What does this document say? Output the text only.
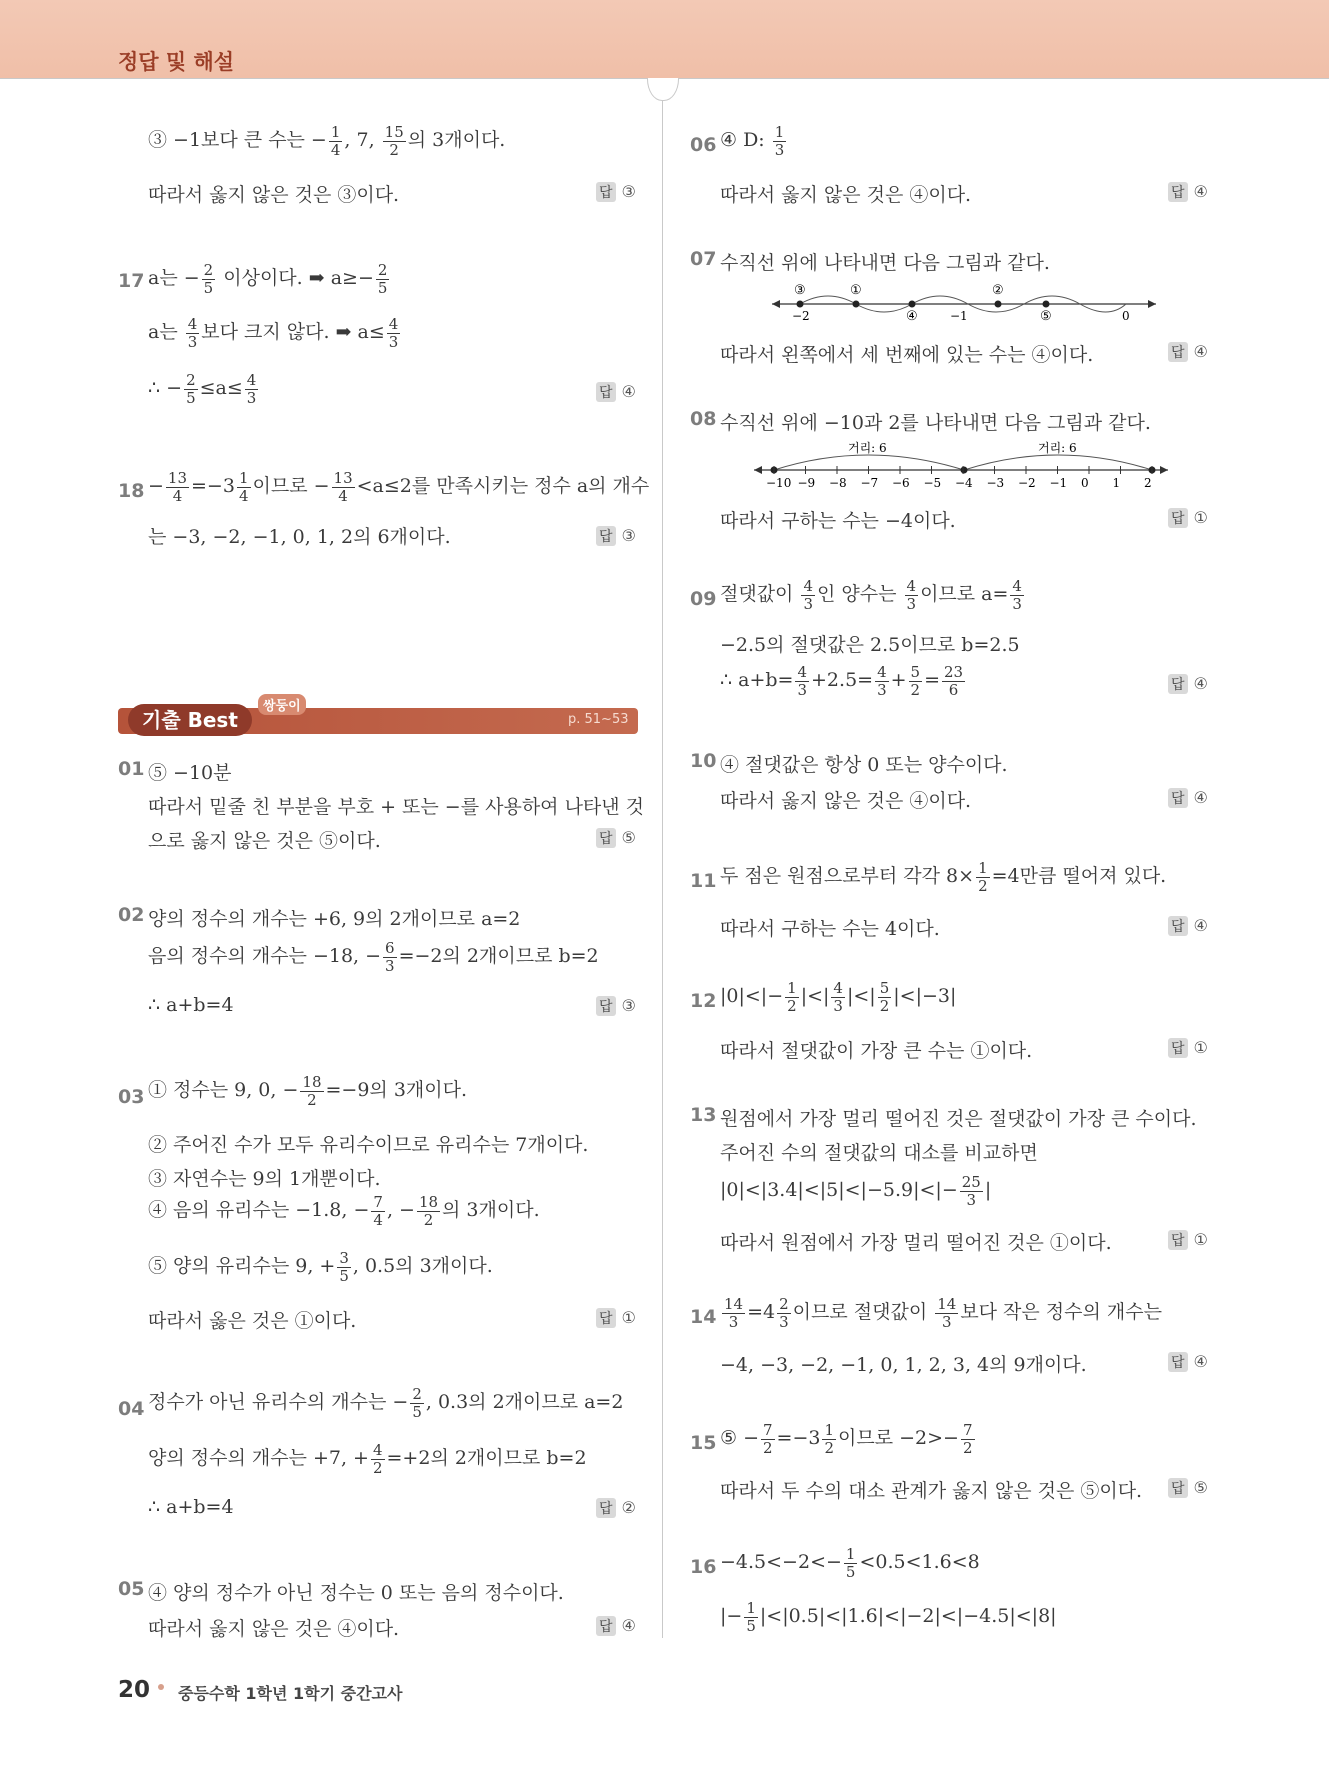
정답 및 해설
③ −1보다 큰 수는 − $\frac{1}{4}$ , 7, $\frac{15}{2}$ 의 3개이다.
따라서 옳지 않은 것은 ③이다.	답 ③
17 a는 − $\frac{2}{5}$ 이상이다. ➡ $a\ge- \frac{2}{5}$
a는 $\frac{4}{3}$ 보다 크지 않다. ➡ $a\le \frac{4}{3}$
∴ − $\frac{2}{5} \le a\le \frac{4}{3}$	답 ④
$18 - \frac{13}{4} =-3 \frac{1}{4}$ 이므로 − $\frac{13}{4} <a\le 2$를 만족시키는 정수 a의 개수
는 −3, −2, −1, 0, 1, 2의 6개이다.	답 ③
기출 Best
쌍둥이
p. 51~53
01 ⑤ −10분
따라서 밑줄 친 부분을 부호 + 또는 −를 사용하여 나타낸 것
으로 옳지 않은 것은 ⑤이다.	답 ⑤
02 양의 정수의 개수는 +6, 9의 2개이므로 a=2
음의 정수의 개수는 −18, − $\frac{6}{3} =-2$의 2개이므로 b=2
∴ a+b=4	답 ③
03 ① 정수는 9, 0, − $\frac{18}{2} =-9$의 3개이다.
② 주어진 수가 모두 유리수이므로 유리수는 7개이다.
③ 자연수는 9의 1개뿐이다.
④ 음의 유리수는 −1.8, − $\frac{7}{4}$ , − $\frac{18}{2}$ 의 3개이다.
⑤ 양의 유리수는 9, + $\frac{3}{5}$ , 0.5의 3개이다.
따라서 옳은 것은 ①이다.	답 ①
04 정수가 아닌 유리수의 개수는 − $\frac{2}{5}$ , 0.3의 2개이므로 a=2
양의 정수의 개수는 +7, + $\frac{4}{2} =+2$의 2개이므로 b=2
∴ a+b=4	답 ②
05 ④ 양의 정수가 아닌 정수는 0 또는 음의 정수이다.
따라서 옳지 않은 것은 ④이다.	답 ④
06 ④ D: $\frac{1}{3}$
따라서 옳지 않은 것은 ④이다.	답 ④
07 수직선 위에 나타내면 다음 그림과 같다.
③	①	②
④	⑤
−2	−1	0
따라서 왼쪽에서 세 번째에 있는 수는 ④이다.	답 ④
08 수직선 위에 −10과 2를 나타내면 다음 그림과 같다.
거리: 6	거리: 6
−10 −9 −8 −7 −6 −5 −4 −3 −2 −1 0 1 2
따라서 구하는 수는 −4이다.	답 ①
09 절댓값이 $\frac{4}{3}$ 인 양수는 $\frac{4}{3}$ 이므로 $a= \frac{4}{3}$
−2.5의 절댓값은 2.5이므로 b=2.5
∴ $a+b= \frac{4}{3} +2.5= \frac{4}{3} + \frac{5}{2} = \frac{23}{6}$	답 ④
10 ④ 절댓값은 항상 0 또는 양수이다.
따라서 옳지 않은 것은 ④이다.	답 ④
11 두 점은 원점으로부터 각각 $8\times \frac{1}{2} =4$만큼 떨어져 있다.
따라서 구하는 수는 4이다.	답 ④
12 $|0|<|- \frac{1}{2}$ |<| $\frac{4}{3}$ |<| $\frac{5}{2} |<|-3|$
따라서 절댓값이 가장 큰 수는 ①이다.	답 ①
13 원점에서 가장 멀리 떨어진 것은 절댓값이 가장 큰 수이다.
주어진 수의 절댓값의 대소를 비교하면
$|0|<|3.4|<|5|<|-5.9|<|- \frac{25}{3}$ |
따라서 원점에서 가장 멀리 떨어진 것은 ①이다.	답 ①
$14 \frac{14}{3} =4 \frac{2}{3}$ 이므로 절댓값이 $\frac{14}{3}$ 보다 작은 정수의 개수는
−4, −3, −2, −1, 0, 1, 2, 3, 4의 9개이다.	답 ④
15 ⑤ − $\frac{7}{2} =-3 \frac{1}{2}$ 이므로 $-2>- \frac{7}{2}$
따라서 두 수의 대소 관계가 옳지 않은 것은 ⑤이다. 답 ⑤
$16 -4.5<-2<- \frac{1}{5} <0.5<1.6<8$
|− $\frac{1}{5} |<|0.5|<|1.6|<|-2|<|-4.5|<|8|$
20 중등수학 1학년 1학기 중간고사
